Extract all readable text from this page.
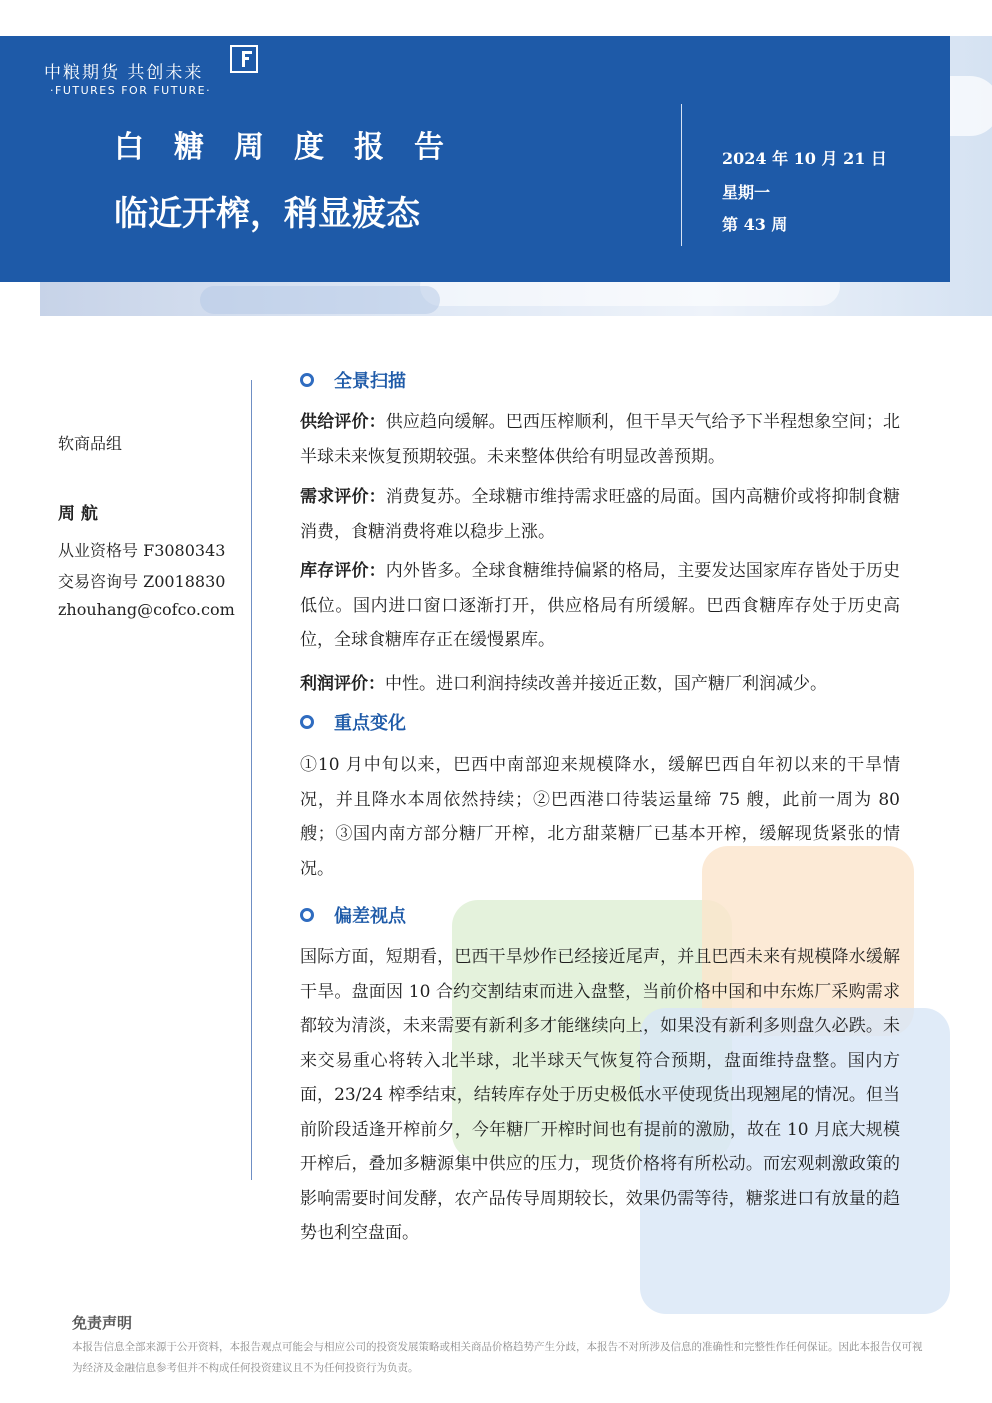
中粮期货 共创未来
·FUTURES FOR FUTURE·
白糖周度报告
临近开榨，稍显疲态
2024 年 10 月 21 日
星期一
第 43 周
软商品组
周 航
从业资格号 F3080343
交易咨询号 Z0018830
zhouhang@cofco.com
全景扫描
供给评价：供应趋向缓解。巴西压榨顺利，但干旱天气给予下半程想象空间；北半球未来恢复预期较强。未来整体供给有明显改善预期。
需求评价：消费复苏。全球糖市维持需求旺盛的局面。国内高糖价或将抑制食糖消费，食糖消费将难以稳步上涨。
库存评价：内外皆多。全球食糖维持偏紧的格局，主要发达国家库存皆处于历史低位。国内进口窗口逐渐打开，供应格局有所缓解。巴西食糖库存处于历史高位，全球食糖库存正在缓慢累库。
利润评价：中性。进口利润持续改善并接近正数，国产糖厂利润减少。
重点变化
①10 月中旬以来，巴西中南部迎来规模降水，缓解巴西自年初以来的干旱情况，并且降水本周依然持续；②巴西港口待装运量缔 75 艘，此前一周为 80 艘；③国内南方部分糖厂开榨，北方甜菜糖厂已基本开榨，缓解现货紧张的情况。
偏差视点
国际方面，短期看，巴西干旱炒作已经接近尾声，并且巴西未来有规模降水缓解干旱。盘面因 10 合约交割结束而进入盘整，当前价格中国和中东炼厂采购需求都较为清淡，未来需要有新利多才能继续向上，如果没有新利多则盘久必跌。未来交易重心将转入北半球，北半球天气恢复符合预期，盘面维持盘整。国内方面，23/24 榨季结束，结转库存处于历史极低水平使现货出现翘尾的情况。但当前阶段适逢开榨前夕，今年糖厂开榨时间也有提前的激励，故在 10 月底大规模开榨后，叠加多糖源集中供应的压力，现货价格将有所松动。而宏观刺激政策的影响需要时间发酵，农产品传导周期较长，效果仍需等待，糖浆进口有放量的趋势也利空盘面。
免责声明
本报告信息全部来源于公开资料，本报告观点可能会与相应公司的投资发展策略或相关商品价格趋势产生分歧，本报告不对所涉及信息的准确性和完整性作任何保证。因此本报告仅可视为经济及金融信息参考但并不构成任何投资建议且不为任何投资行为负责。
